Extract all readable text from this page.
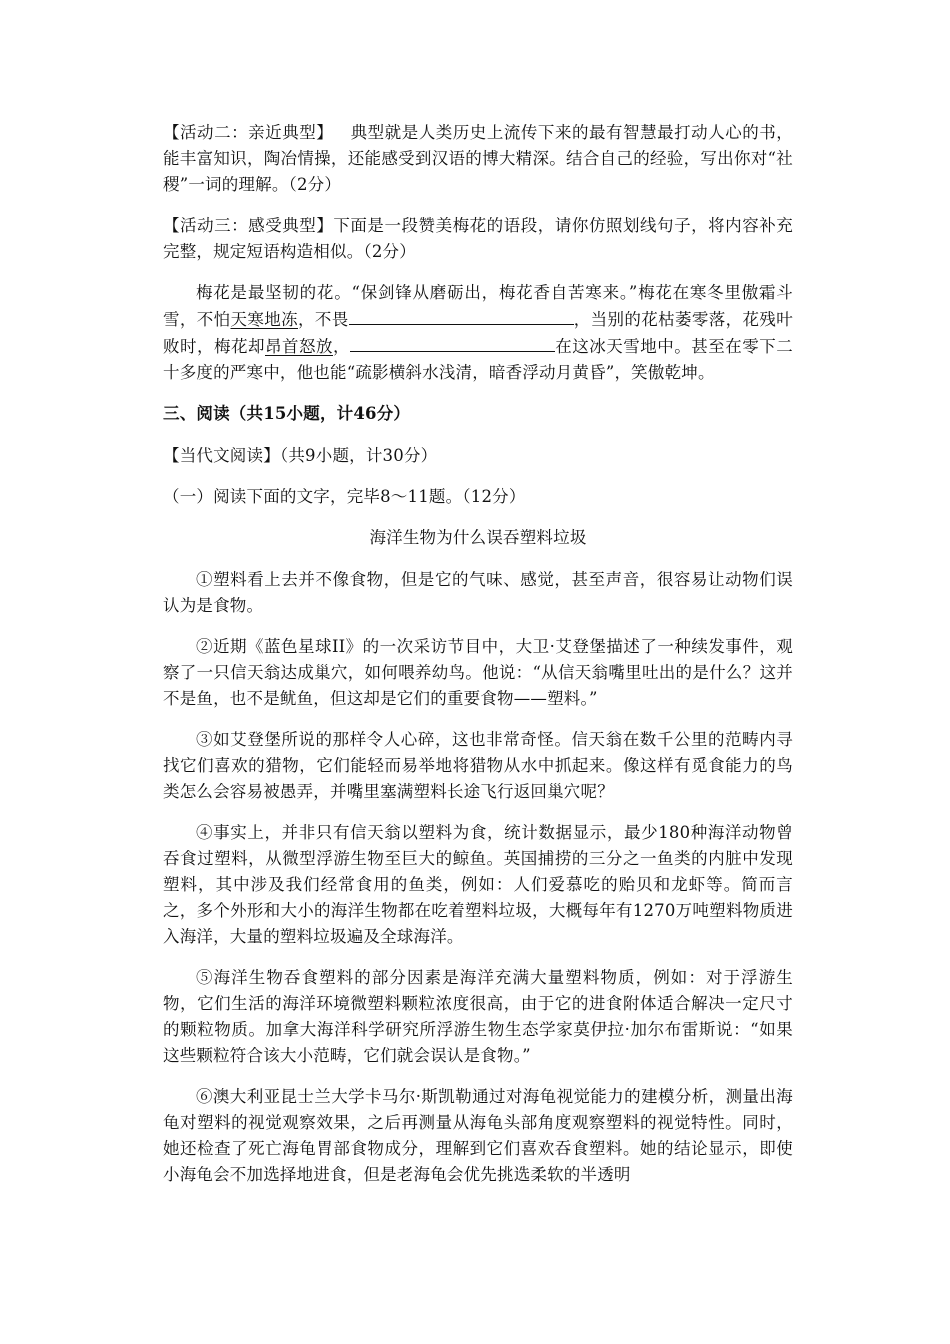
【活动二：亲近典型】 典型就是人类历史上流传下来的最有智慧最打动人心的书，能丰富知识，陶冶情操，还能感受到汉语的博大精深。结合自己的经验，写出你对“社稷”一词的理解。（2分）

【活动三：感受典型】下面是一段赞美梅花的语段，请你仿照划线句子，将内容补充完整，规定短语构造相似。（2分）

梅花是最坚韧的花。“保剑锋从磨砺出，梅花香自苦寒来。”梅花在寒冬里傲霜斗雪，不怕天寒地冻，不畏	，当别的花枯萎零落，花残叶败时，梅花却昂首怒放，	在这冰天雪地中。甚至在零下二十多度的严寒中，他也能“疏影横斜水浅清，暗香浮动月黄昏”，笑傲乾坤。

三、阅读（共15小题，计46分）

【当代文阅读】（共9小题，计30分）

（一）阅读下面的文字，完毕8～11题。（12分）

海洋生物为什么误吞塑料垃圾

①塑料看上去并不像食物，但是它的气味、感觉，甚至声音，很容易让动物们误认为是食物。

②近期《蓝色星球II》的一次采访节目中，大卫·艾登堡描述了一种续发事件，观察了一只信天翁达成巢穴，如何喂养幼鸟。他说：“从信天翁嘴里吐出的是什么？这并不是鱼，也不是鱿鱼，但这却是它们的重要食物——塑料。”

③如艾登堡所说的那样令人心碎，这也非常奇怪。信天翁在数千公里的范畴内寻找它们喜欢的猎物，它们能轻而易举地将猎物从水中抓起来。像这样有觅食能力的鸟类怎么会容易被愚弄，并嘴里塞满塑料长途飞行返回巢穴呢？

④事实上，并非只有信天翁以塑料为食，统计数据显示，最少180种海洋动物曾吞食过塑料，从微型浮游生物至巨大的鲸鱼。英国捕捞的三分之一鱼类的内脏中发现塑料，其中涉及我们经常食用的鱼类，例如：人们爱慕吃的贻贝和龙虾等。简而言之，多个外形和大小的海洋生物都在吃着塑料垃圾，大概每年有1270万吨塑料物质进入海洋，大量的塑料垃圾遍及全球海洋。

⑤海洋生物吞食塑料的部分因素是海洋充满大量塑料物质，例如：对于浮游生物，它们生活的海洋环境微塑料颗粒浓度很高，由于它的进食附体适合解决一定尺寸的颗粒物质。加拿大海洋科学研究所浮游生物生态学家莫伊拉·加尔布雷斯说：“如果这些颗粒符合该大小范畴，它们就会误认是食物。”

⑥澳大利亚昆士兰大学卡马尔·斯凯勒通过对海龟视觉能力的建模分析，测量出海龟对塑料的视觉观察效果，之后再测量从海龟头部角度观察塑料的视觉特性。同时，她还检查了死亡海龟胃部食物成分，理解到它们喜欢吞食塑料。她的结论显示，即使小海龟会不加选择地进食，但是老海龟会优先挑选柔软的半透明
